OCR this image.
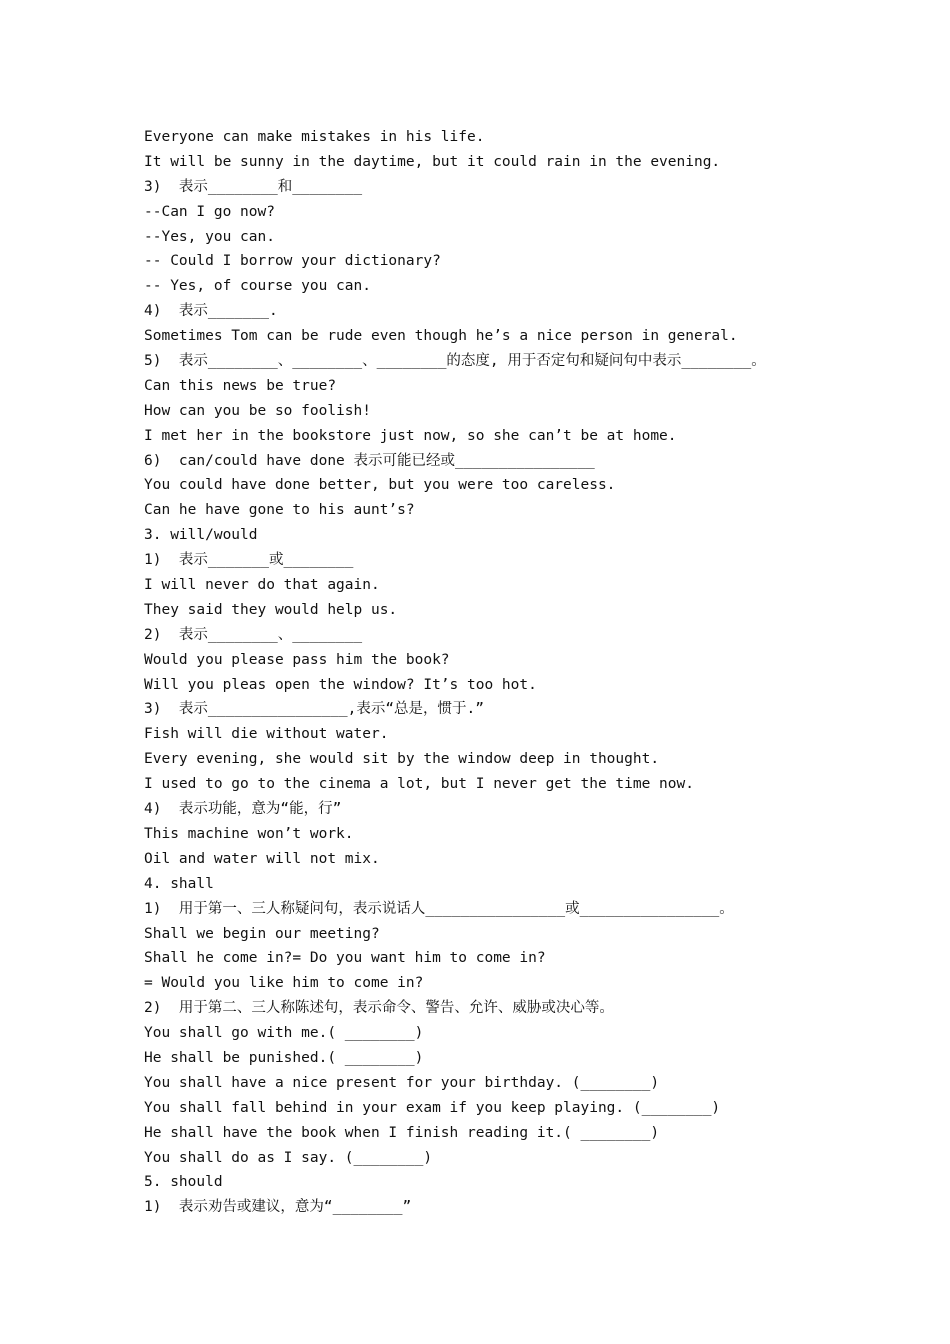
Everyone can make mistakes in his life.
It will be sunny in the daytime, but it could rain in the evening.
3)  表示________和________
--Can I go now?
--Yes, you can.
-- Could I borrow your dictionary?
-- Yes, of course you can.
4)  表示_______.
Sometimes Tom can be rude even though he’s a nice person in general.
5)  表示________、________、________的态度, 用于否定句和疑问句中表示________。
Can this news be true?
How can you be so foolish!
I met her in the bookstore just now, so she can’t be at home.
6)  can/could have done 表示可能已经或________________
You could have done better, but you were too careless.
Can he have gone to his aunt’s?
3. will/would
1)  表示_______或________
I will never do that again.
They said they would help us.
2)  表示________、________
Would you please pass him the book?
Will you pleas open the window? It’s too hot.
3)  表示________________,表示“总是，惯于.”
Fish will die without water.
Every evening, she would sit by the window deep in thought.
I used to go to the cinema a lot, but I never get the time now.
4)  表示功能，意为“能，行”
This machine won’t work.
Oil and water will not mix.
4. shall
1)  用于第一、三人称疑问句，表示说话人________________或________________。
Shall we begin our meeting?
Shall he come in?= Do you want him to come in?
= Would you like him to come in?
2)  用于第二、三人称陈述句，表示命令、警告、允许、威胁或决心等。
You shall go with me.( ________)
He shall be punished.( ________)
You shall have a nice present for your birthday. (________)
You shall fall behind in your exam if you keep playing. (________)
He shall have the book when I finish reading it.( ________)
You shall do as I say. (________)
5. should
1)  表示劝告或建议，意为“________”
